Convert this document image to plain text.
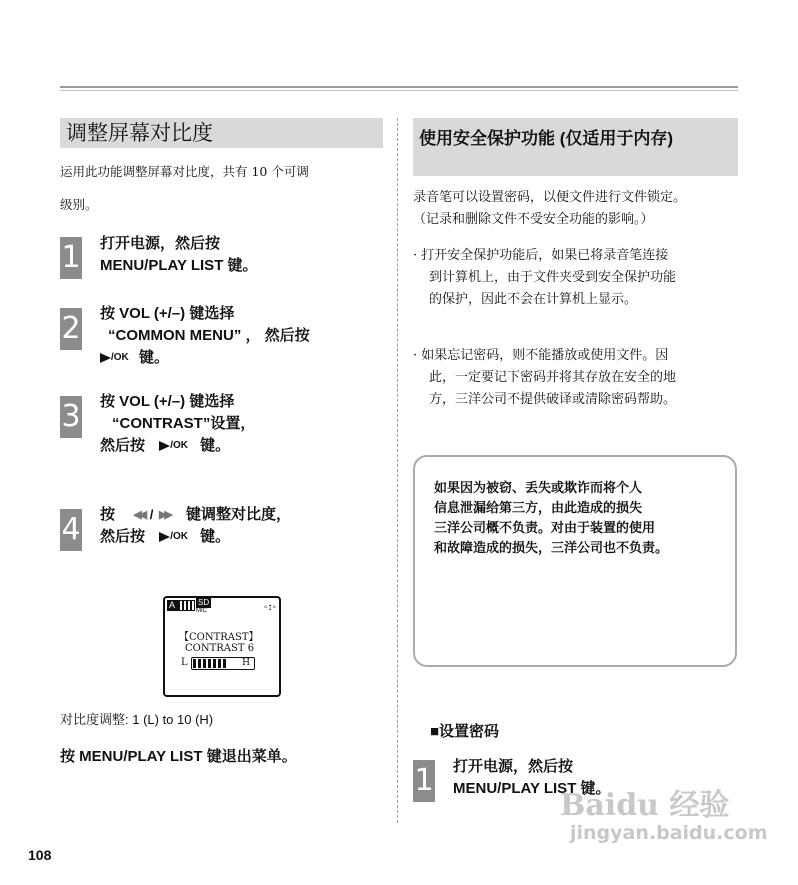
调整屏幕对比度
运用此功能调整屏幕对比度，共有 10 个可调
级别。
1 打开电源，然后按
MENU/PLAY LIST 键。
2 按 VOL (+/–) 键选择
“COMMON MENU” ， 然后按
/OK 键。
3 按 VOL (+/–) 键选择
“CONTRAST”设置，
然后按	/OK 键。
4 按 ◀◀ / ▶▶ 键调整对比度，
然后按	/OK 键。
A	SD
MIC	◦↕◦
【CONTRAST】
CONTRAST 6
L	H
对比度调整: 1 (L) to 10 (H)
按 MENU/PLAY LIST 键退出菜单。
使用安全保护功能 (仅适用于内存)
录音笔可以设置密码，以便文件进行文件锁定。
（记录和删除文件不受安全功能的影响。）
· 打开安全保护功能后，如果已将录音笔连接
到计算机上，由于文件夹受到安全保护功能
的保护，因此不会在计算机上显示。
· 如果忘记密码，则不能播放或使用文件。因
此，一定要记下密码并将其存放在安全的地
方，三洋公司不提供破译或清除密码帮助。
如果因为被窃、丢失或欺诈而将个人
信息泄漏给第三方，由此造成的损失
三洋公司概不负责。对由于装置的使用
和故障造成的损失，三洋公司也不负责。
■设置密码
1 打开电源，然后按
MENU/PLAY LIST 键。
Baidu 经验
jingyan.baidu.com
108
